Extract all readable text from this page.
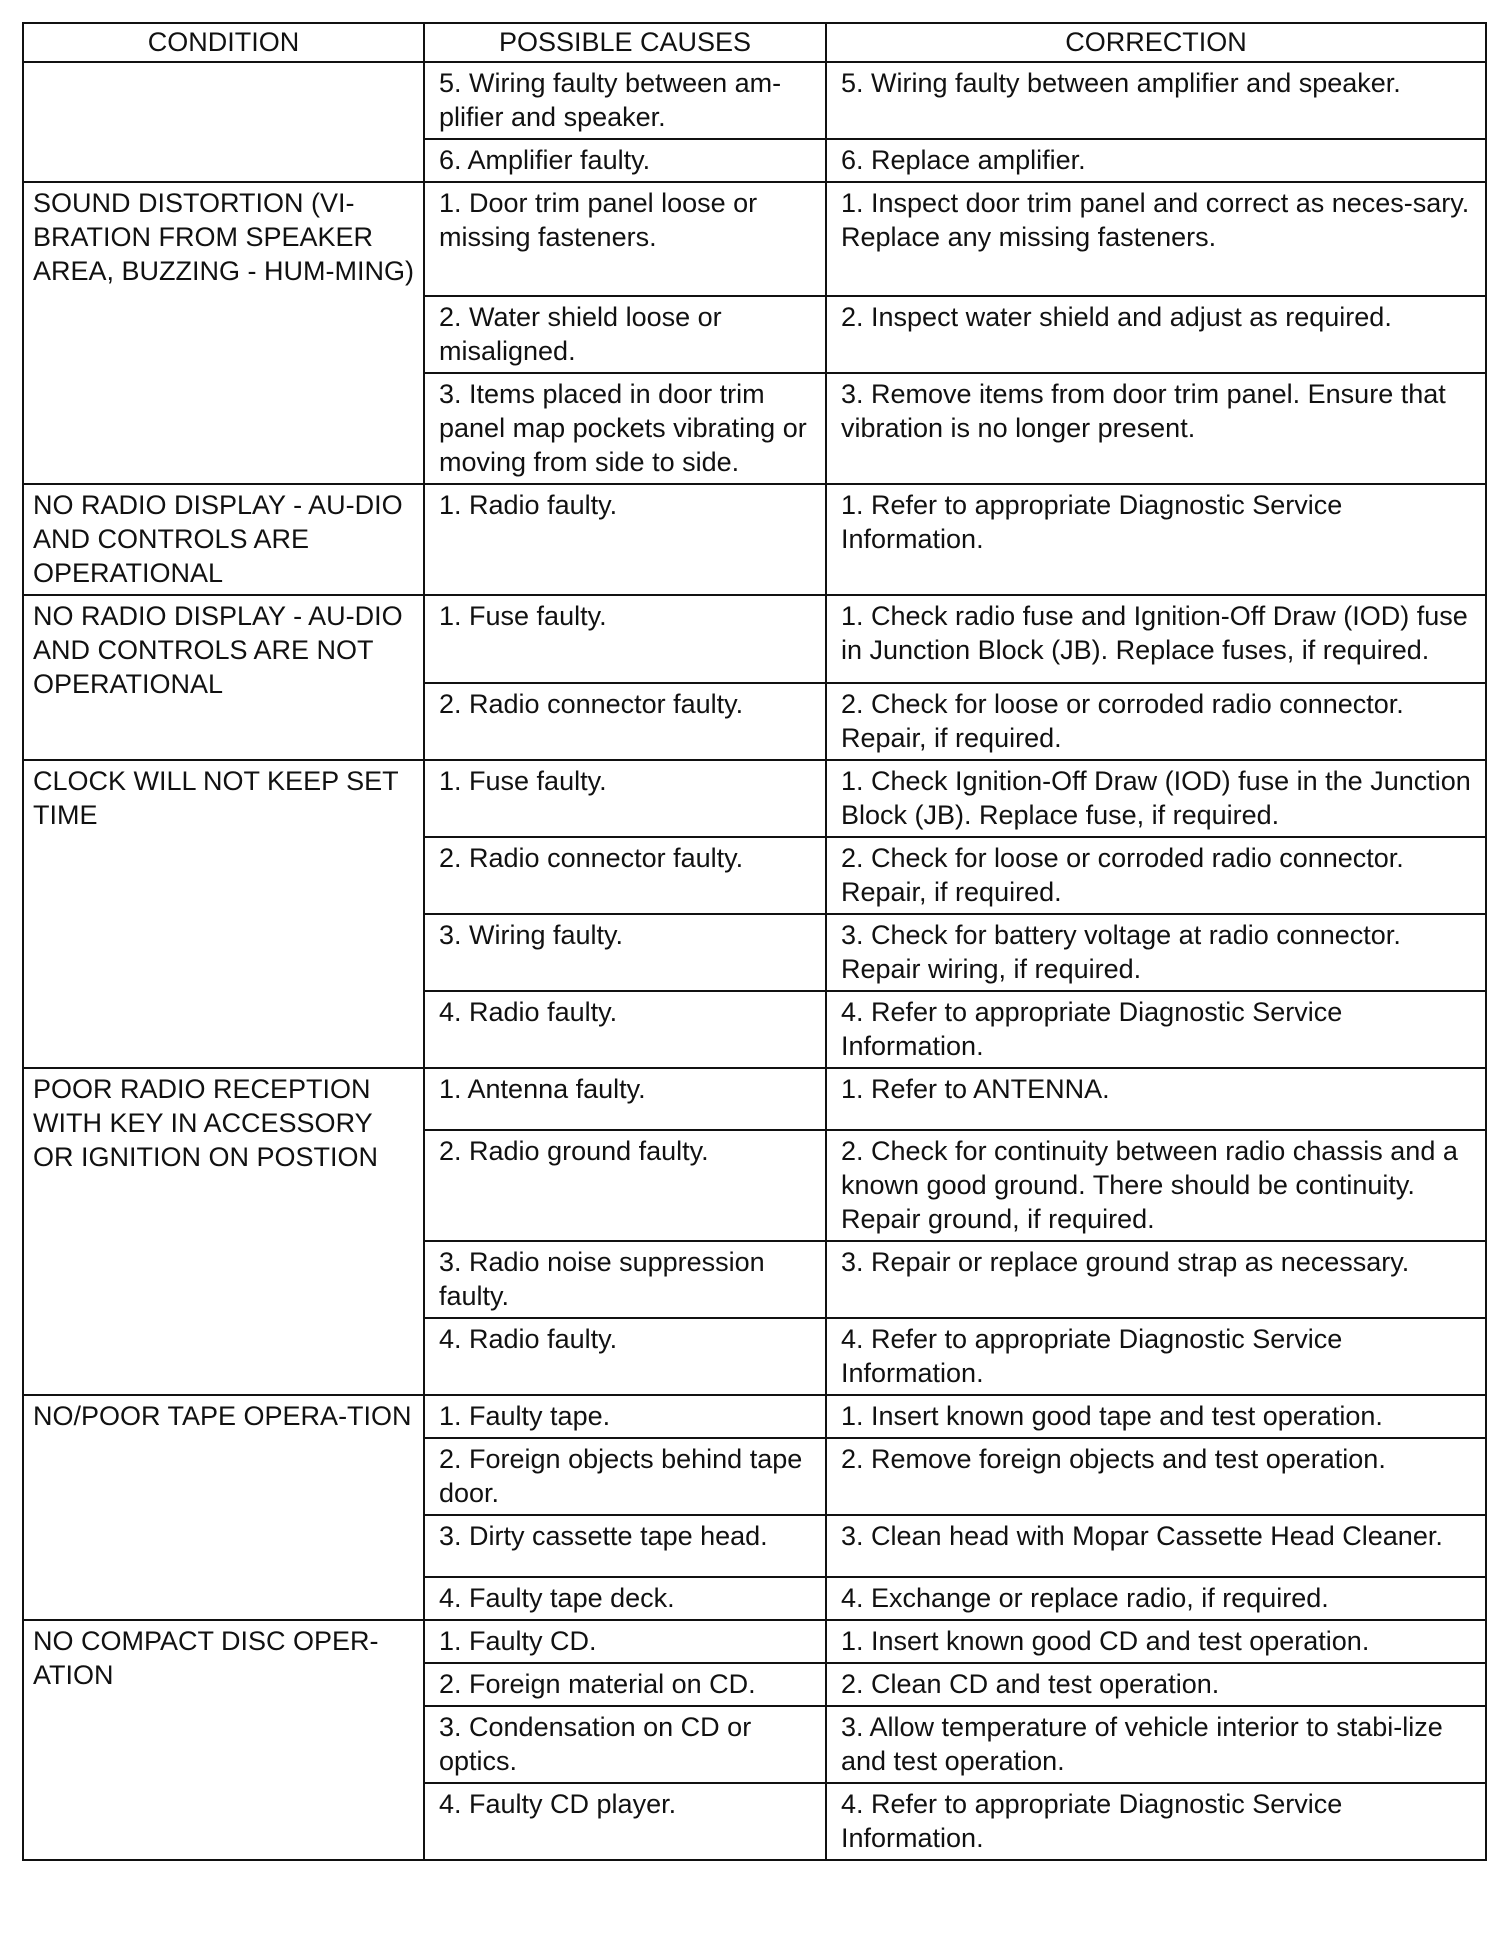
CONDITION	POSSIBLE CAUSES	CORRECTION
	5. Wiring faulty between am-plifier and speaker.	5. Wiring faulty between amplifier and speaker.
	6. Amplifier faulty.	6. Replace amplifier.
SOUND DISTORTION (VI-BRATION FROM SPEAKER AREA, BUZZING - HUM-MING)	1. Door trim panel loose or missing fasteners.	1. Inspect door trim panel and correct as neces-sary. Replace any missing fasteners.
	2. Water shield loose or misaligned.	2. Inspect water shield and adjust as required.
	3. Items placed in door trim panel map pockets vibrating or moving from side to side.	3. Remove items from door trim panel. Ensure that vibration is no longer present.
NO RADIO DISPLAY - AU-DIO AND CONTROLS ARE OPERATIONAL	1. Radio faulty.	1. Refer to appropriate Diagnostic Service Information.
NO RADIO DISPLAY - AU-DIO AND CONTROLS ARE NOT OPERATIONAL	1. Fuse faulty.	1. Check radio fuse and Ignition-Off Draw (IOD) fuse in Junction Block (JB). Replace fuses, if required.
	2. Radio connector faulty.	2. Check for loose or corroded radio connector. Repair, if required.
CLOCK WILL NOT KEEP SET TIME	1. Fuse faulty.	1. Check Ignition-Off Draw (IOD) fuse in the Junction Block (JB). Replace fuse, if required.
	2. Radio connector faulty.	2. Check for loose or corroded radio connector. Repair, if required.
	3. Wiring faulty.	3. Check for battery voltage at radio connector. Repair wiring, if required.
	4. Radio faulty.	4. Refer to appropriate Diagnostic Service Information.
POOR RADIO RECEPTION WITH KEY IN ACCESSORY OR IGNITION ON POSTION	1. Antenna faulty.	1. Refer to ANTENNA.
	2. Radio ground faulty.	2. Check for continuity between radio chassis and a known good ground. There should be continuity. Repair ground, if required.
	3. Radio noise suppression faulty.	3. Repair or replace ground strap as necessary.
	4. Radio faulty.	4. Refer to appropriate Diagnostic Service Information.
NO/POOR TAPE OPERA-TION	1. Faulty tape.	1. Insert known good tape and test operation.
	2. Foreign objects behind tape door.	2. Remove foreign objects and test operation.
	3. Dirty cassette tape head.	3. Clean head with Mopar Cassette Head Cleaner.
	4. Faulty tape deck.	4. Exchange or replace radio, if required.
NO COMPACT DISC OPER-ATION	1. Faulty CD.	1. Insert known good CD and test operation.
	2. Foreign material on CD.	2. Clean CD and test operation.
	3. Condensation on CD or optics.	3. Allow temperature of vehicle interior to stabi-lize and test operation.
	4. Faulty CD player.	4. Refer to appropriate Diagnostic Service Information.
